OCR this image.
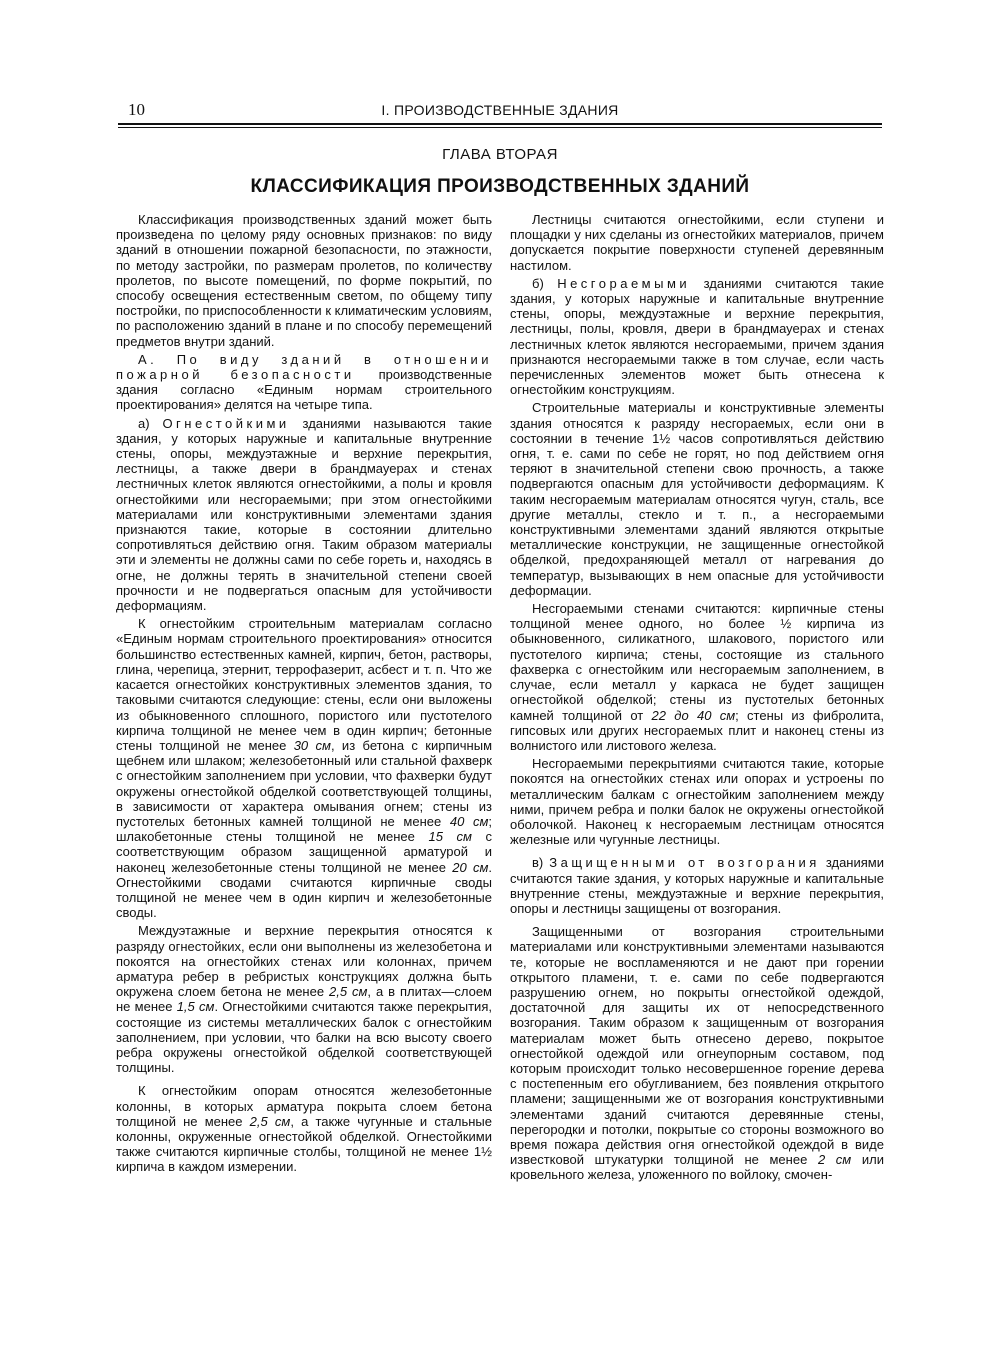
10	I. ПРОИЗВОДСТВЕННЫЕ ЗДАНИЯ
ГЛАВА ВТОРАЯ
КЛАССИФИКАЦИЯ ПРОИЗВОДСТВЕННЫХ ЗДАНИЙ

Классификация производственных зданий может быть произведена по целому ряду основных признаков: по виду зданий в отношении пожарной безопасности, по этажности, по методу застройки, по размерам пролетов, по количеству пролетов, по высоте помещений, по форме покрытий, по способу освещения естественным светом, по общему типу постройки, по приспособленности к климатическим условиям, по расположению зданий в плане и по способу перемещений предметов внутри зданий.

А. По виду зданий в отношении пожарной безопасности производственные здания согласно «Единым нормам строительного проектирования» делятся на четыре типа.

а) Огнестойкими зданиями называются такие здания, у которых наружные и капитальные внутренние стены, опоры, междуэтажные и верхние перекрытия, лестницы, а также двери в брандмауерах и стенах лестничных клеток являются огнестойкими, а полы и кровля огнестойкими или несгораемыми; при этом огнестойкими материалами или конструктивными элементами здания признаются такие, которые в состоянии длительно сопротивляться действию огня. Таким образом материалы эти и элементы не должны сами по себе гореть и, находясь в огне, не должны терять в значительной степени своей прочности и не подвергаться опасным для устойчивости деформациям.

К огнестойким строительным материалам согласно «Единым нормам строительного проектирования» относится большинство естественных камней, кирпич, бетон, растворы, глина, черепица, этернит, террофазерит, асбест и т. п. Что же касается огнестойких конструктивных элементов здания, то таковыми считаются следующие: стены, если они выложены из обыкновенного сплошного, пористого или пустотелого кирпича толщиной не менее чем в один кирпич; бетонные стены толщиной не менее 30 см, из бетона с кирпичным щебнем или шлаком; железобетонный или стальной фахверк с огнестойким заполнением при условии, что фахверки будут окружены огнестойкой обделкой соответствующей толщины, в зависимости от характера омывания огнем; стены из пустотелых бетонных камней толщиной не менее 40 см; шлакобетонные стены толщиной не менее 15 см с соответствующим образом защищенной арматурой и наконец железобетонные стены толщиной не менее 20 см. Огнестойкими сводами считаются кирпичные своды толщиной не менее чем в один кирпич и железобетонные своды.

Междуэтажные и верхние перекрытия относятся к разряду огнестойких, если они выполнены из железобетона и покоятся на огнестойких стенах или колоннах, причем арматура ребер в ребристых конструкциях должна быть окружена слоем бетона не менее 2,5 см, а в плитах—слоем не менее 1,5 см. Огнестойкими считаются также перекрытия, состоящие из системы металлических балок с огнестойким заполнением, при условии, что балки на всю высоту своего ребра окружены огнестойкой обделкой соответствующей толщины.

К огнестойким опорам относятся железобетонные колонны, в которых арматура покрыта слоем бетона толщиной не менее 2,5 см, а также чугунные и стальные колонны, окруженные огнестойкой обделкой. Огнестойкими также считаются кирпичные столбы, толщиной не менее 1½ кирпича в каждом измерении.

Лестницы считаются огнестойкими, если ступени и площадки у них сделаны из огнестойких материалов, причем допускается покрытие поверхности ступеней деревянным настилом.

б) Несгораемыми зданиями считаются такие здания, у которых наружные и капитальные внутренние стены, опоры, междуэтажные и верхние перекрытия, лестницы, полы, кровля, двери в брандмауерах и стенах лестничных клеток являются несгораемыми, причем здания признаются несгораемыми также в том случае, если часть перечисленных элементов может быть отнесена к огнестойким конструкциям.

Строительные материалы и конструктивные элементы здания относятся к разряду несгораемых, если они в состоянии в течение 1½ часов сопротивляться действию огня, т. е. сами по себе не горят, но под действием огня теряют в значительной степени свою прочность, а также подвергаются опасным для устойчивости деформациям. К таким несгораемым материалам относятся чугун, сталь, все другие металлы, стекло и т. п., а несгораемыми конструктивными элементами зданий являются открытые металлические конструкции, не защищенные огнестойкой обделкой, предохраняющей металл от нагревания до температур, вызывающих в нем опасные для устойчивости деформации.

Несгораемыми стенами считаются: кирпичные стены толщиной менее одного, но более ½ кирпича из обыкновенного, силикатного, шлакового, пористого или пустотелого кирпича; стены, состоящие из стального фахверка с огнестойким или несгораемым заполнением, в случае, если металл у каркаса не будет защищен огнестойкой обделкой; стены из пустотелых бетонных камней толщиной от 22 до 40 см; стены из фибролита, гипсовых или других несгораемых плит и наконец стены из волнистого или листового железа.

Несгораемыми перекрытиями считаются такие, которые покоятся на огнестойких стенах или опорах и устроены по металлическим балкам с огнестойким заполнением между ними, причем ребра и полки балок не окружены огнестойкой оболочкой. Наконец к несгораемым лестницам относятся железные или чугунные лестницы.

в) Защищенными от возгорания зданиями считаются такие здания, у которых наружные и капитальные внутренние стены, междуэтажные и верхние перекрытия, опоры и лестницы защищены от возгорания.

Защищенными от возгорания строительными материалами или конструктивными элементами называются те, которые не воспламеняются и не дают при горении открытого пламени, т. е. сами по себе подвергаются разрушению огнем, но покрыты огнестойкой одеждой, достаточной для защиты их от непосредственного возгорания. Таким образом к защищенным от возгорания материалам может быть отнесено дерево, покрытое огнестойкой одеждой или огнеупорным составом, под которым происходит только несовершенное горение дерева с постепенным его обугливанием, без появления открытого пламени; защищенными же от возгорания конструктивными элементами зданий считаются деревянные стены, перегородки и потолки, покрытые со стороны возможного во время пожара действия огня огнестойкой одеждой в виде известковой штукатурки толщиной не менее 2 см или кровельного железа, уложенного по войлоку, смочен-
